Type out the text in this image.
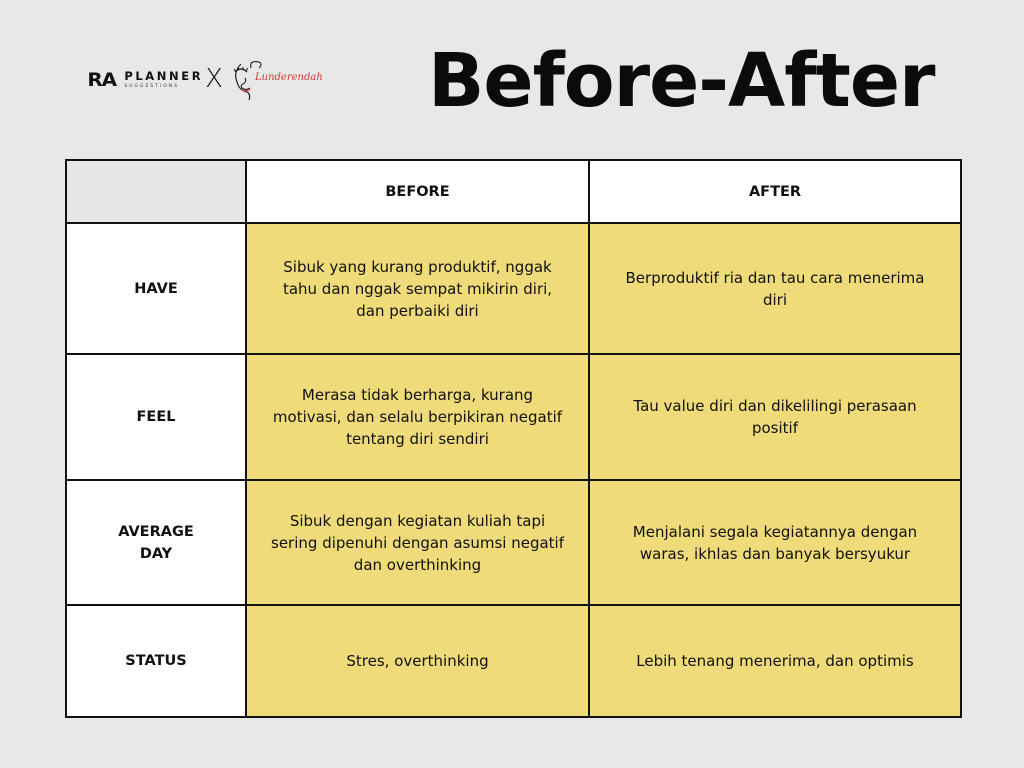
RA PLANNER
SUGGESTIONS	X	Lunderendah Before-After
	BEFORE	AFTER
HAVE	Sibuk yang kurang produktif, nggak tahu dan nggak sempat mikirin diri, dan perbaiki diri	Berproduktif ria dan tau cara menerima diri
FEEL	Merasa tidak berharga, kurang motivasi, dan selalu berpikiran negatif tentang diri sendiri	Tau value diri dan dikelilingi perasaan positif
AVERAGE DAY	Sibuk dengan kegiatan kuliah tapi sering dipenuhi dengan asumsi negatif dan overthinking	Menjalani segala kegiatannya dengan waras, ikhlas dan banyak bersyukur
STATUS	Stres, overthinking	Lebih tenang menerima, dan optimis
